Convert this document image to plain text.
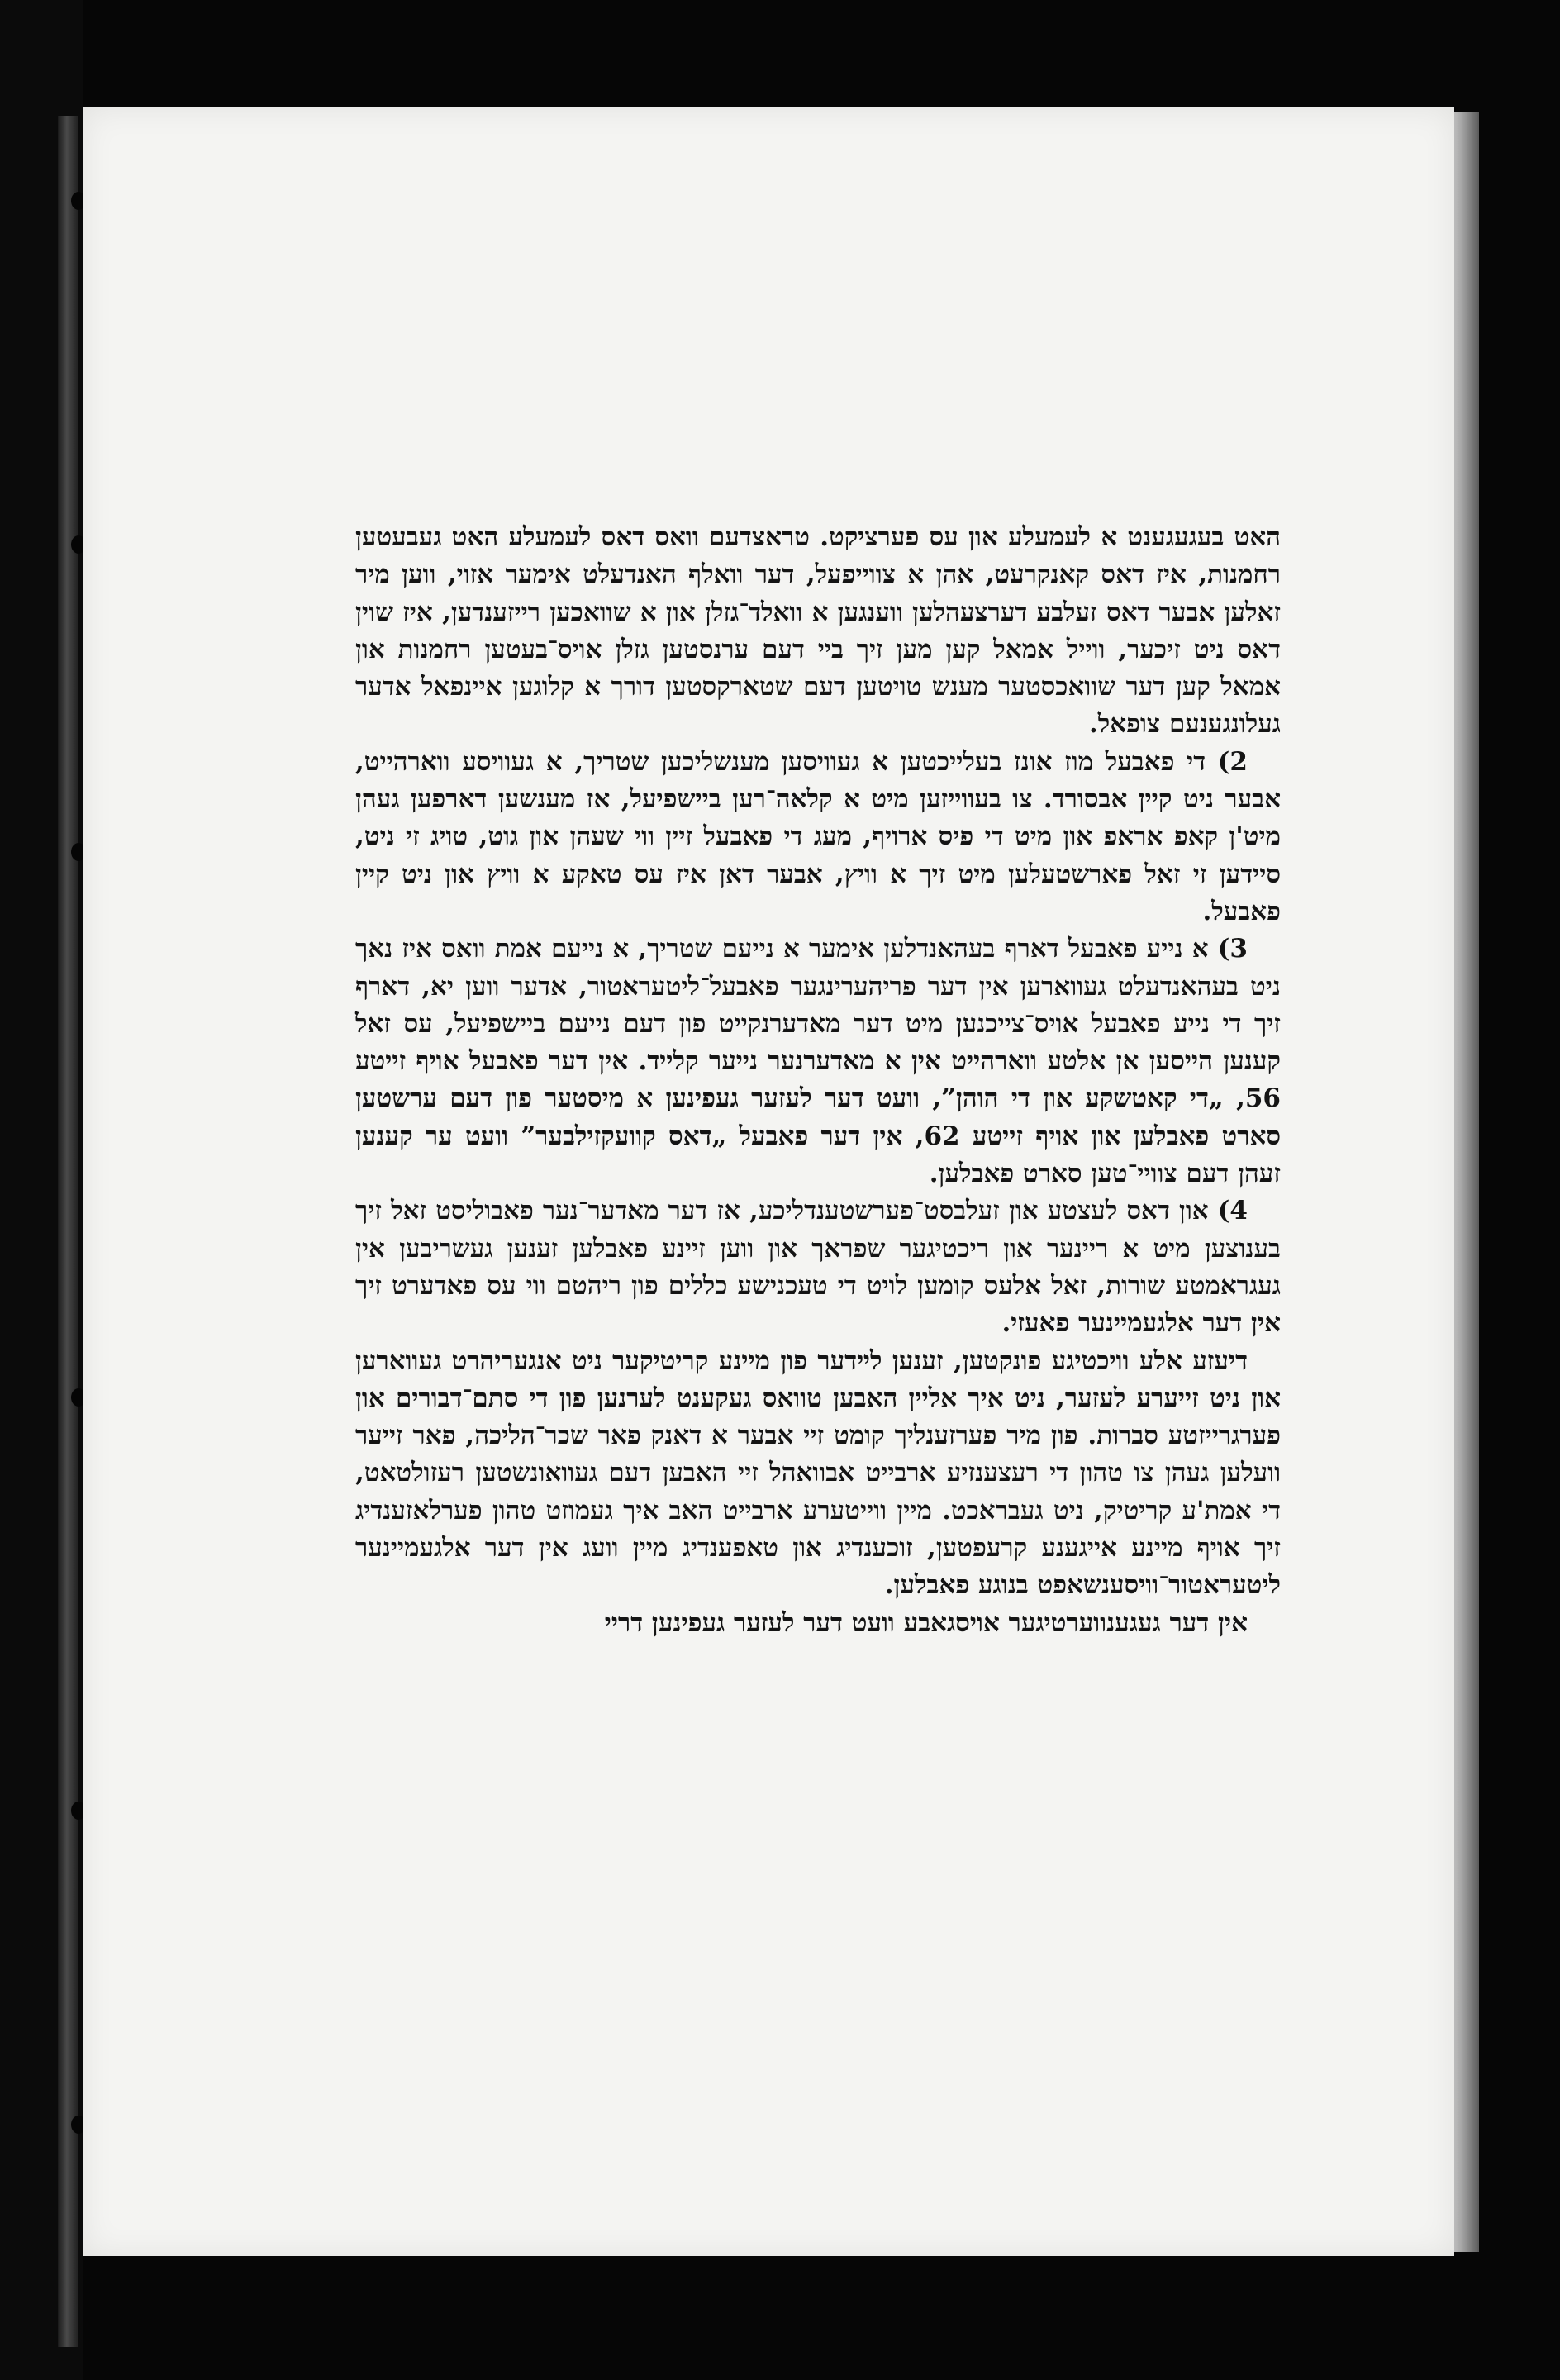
האט בעגעגענט א לעמעלע און עס פערציקט. טראצדעם וואס דאס לעמעלע האט געבעטען רחמנות, איז דאס קאנקרעט, אהן א צווייפעל, דער וואלף האנדעלט אימער אזוי, ווען מיר זאלען אבער דאס זעלבע דערצעהלען ווענגען א וואלד־גזלן און א שוואכען רייזענדען, איז שוין דאס ניט זיכער, ווייל אמאל קען מען זיך ביי דעם ערנסטען גזלן אויס־בעטען רחמנות און אמאל קען דער שוואכסטער מענש טויטען דעם שטארקסטען דורך א קלוגען איינפאל אדער געלונגענעם צופאל.

2) די פאבעל מוז אונז בעלייכטען א געוויסען מענשליכען שטריך, א געוויסע ווארהייט, אבער ניט קיין אבסורד. צו בעווייזען מיט א קלאה־רען ביישפיעל, אז מענשען דארפען געהן מיט'ן קאפ אראפ און מיט די פיס ארויף, מעג די פאבעל זיין ווי שעהן און גוט, טויג זי ניט, סיידען זי זאל פארשטעלען מיט זיך א וויץ, אבער דאן איז עס טאקע א וויץ און ניט קיין פאבעל.

3) א נייע פאבעל דארף בעהאנדלען אימער א נייעם שטריך, א נייעם אמת וואס איז נאך ניט בעהאנדעלט געווארען אין דער פריהערינגער פאבעל־ליטעראטור, אדער ווען יא, דארף זיך די נייע פאבעל אויס־צייכנען מיט דער מאדערנקייט פון דעם נייעם ביישפיעל, עס זאל קענען הייסען אן אלטע ווארהייט אין א מאדערנער נייער קלייד. אין דער פאבעל אויף זייטע 56, „די קאטשקע און די הוהן”, וועט דער לעזער געפינען א מיסטער פון דעם ערשטען סארט פאבלען און אויף זייטע 62, אין דער פאבעל „דאס קוועקזילבער” וועט ער קענען זעהן דעם צוויי־טען סארט פאבלען.

4) און דאס לעצטע און זעלבסט־פערשטענדליכע, אז דער מאדער־נער פאבוליסט זאל זיך בענוצען מיט א ריינער און ריכטיגער שפראך און ווען זיינע פאבלען זענען געשריבען אין געגראמטע שורות, זאל אלעס קומען לויט די טעכנישע כללים פון ריהטם ווי עס פאדערט זיך אין דער אלגעמיינער פאעזי.

דיעזע אלע וויכטיגע פונקטען, זענען לײדער פון מיינע קריטיקער ניט אנגעריהרט געווארען און ניט זייערע לעזער, ניט איך אליין האבען טוואס געקענט לערנען פון די סתם־דבורים און פערגרייזטע סברות. פון מיר פערזענליך קומט זיי אבער א דאנק פאר שכר־הליכה, פאר זייער וועלען געהן צו טהון די רעצענזיע ארבייט אבוואהל זיי האבען דעם געוואונשטען רעזולטאט, די אמת'ע קריטיק, ניט געבראכט. מיין ווייטערע ארבייט האב איך געמוזט טהון פערלאזענדיג זיך אויף מיינע אייגענע קרעפטען, זוכענדיג און טאפענדיג מיין וועג אין דער אלגעמיינער ליטעראטור־וויסענשאפט בנוגע פאבלען.

אין דער געגענווערטיגער אויסגאבע וועט דער לעזער געפינען דריי
